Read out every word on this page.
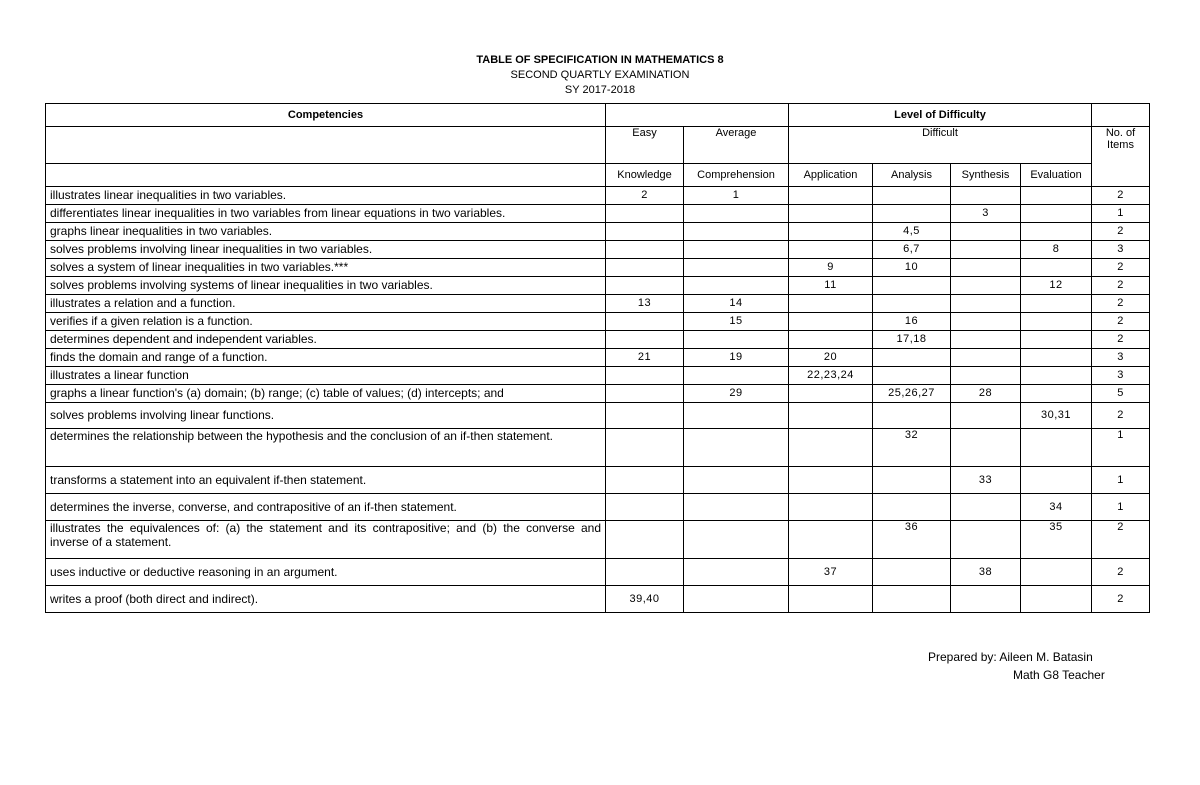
TABLE OF SPECIFICATION IN MATHEMATICS 8
SECOND QUARTLY EXAMINATION
SY 2017-2018
Competencies			Level of Difficulty				
	Easy	Average	Difficult				No. of Items
	Knowledge	Comprehension	Application	Analysis	Synthesis	Evaluation	
illustrates linear inequalities in two variables.	2	1					2
differentiates linear inequalities in two variables from linear equations in two variables.					3		1
graphs linear inequalities in two variables.				4,5			2
solves problems involving linear inequalities in two variables.				6,7		8	3
solves a system of linear inequalities in two variables.***			9	10			2
solves problems involving systems of linear inequalities in two variables.			11			12	2
illustrates a relation and a function.	13	14					2
verifies if a given relation is a function.		15		16			2
determines dependent and independent variables.				17,18			2
finds the domain and range of a function.	21	19	20				3
illustrates a linear function			22,23,24				3
graphs a linear function's (a) domain; (b) range; (c) table of values; (d) intercepts; and		29		25,26,27	28		5
solves problems involving linear functions.						30,31	2
determines the relationship between the hypothesis and the conclusion of an if-then statement.				32			1
transforms a statement into an equivalent if-then statement.					33		1
determines the inverse, converse, and contrapositive of an if-then statement.						34	1
illustrates the equivalences of: (a) the statement and its contrapositive; and (b) the converse and inverse of a statement.				36		35	2
uses inductive or deductive reasoning in an argument.			37		38		2
writes a proof (both direct and indirect).	39,40						2
Prepared by: Aileen M. Batasin
Math G8 Teacher
